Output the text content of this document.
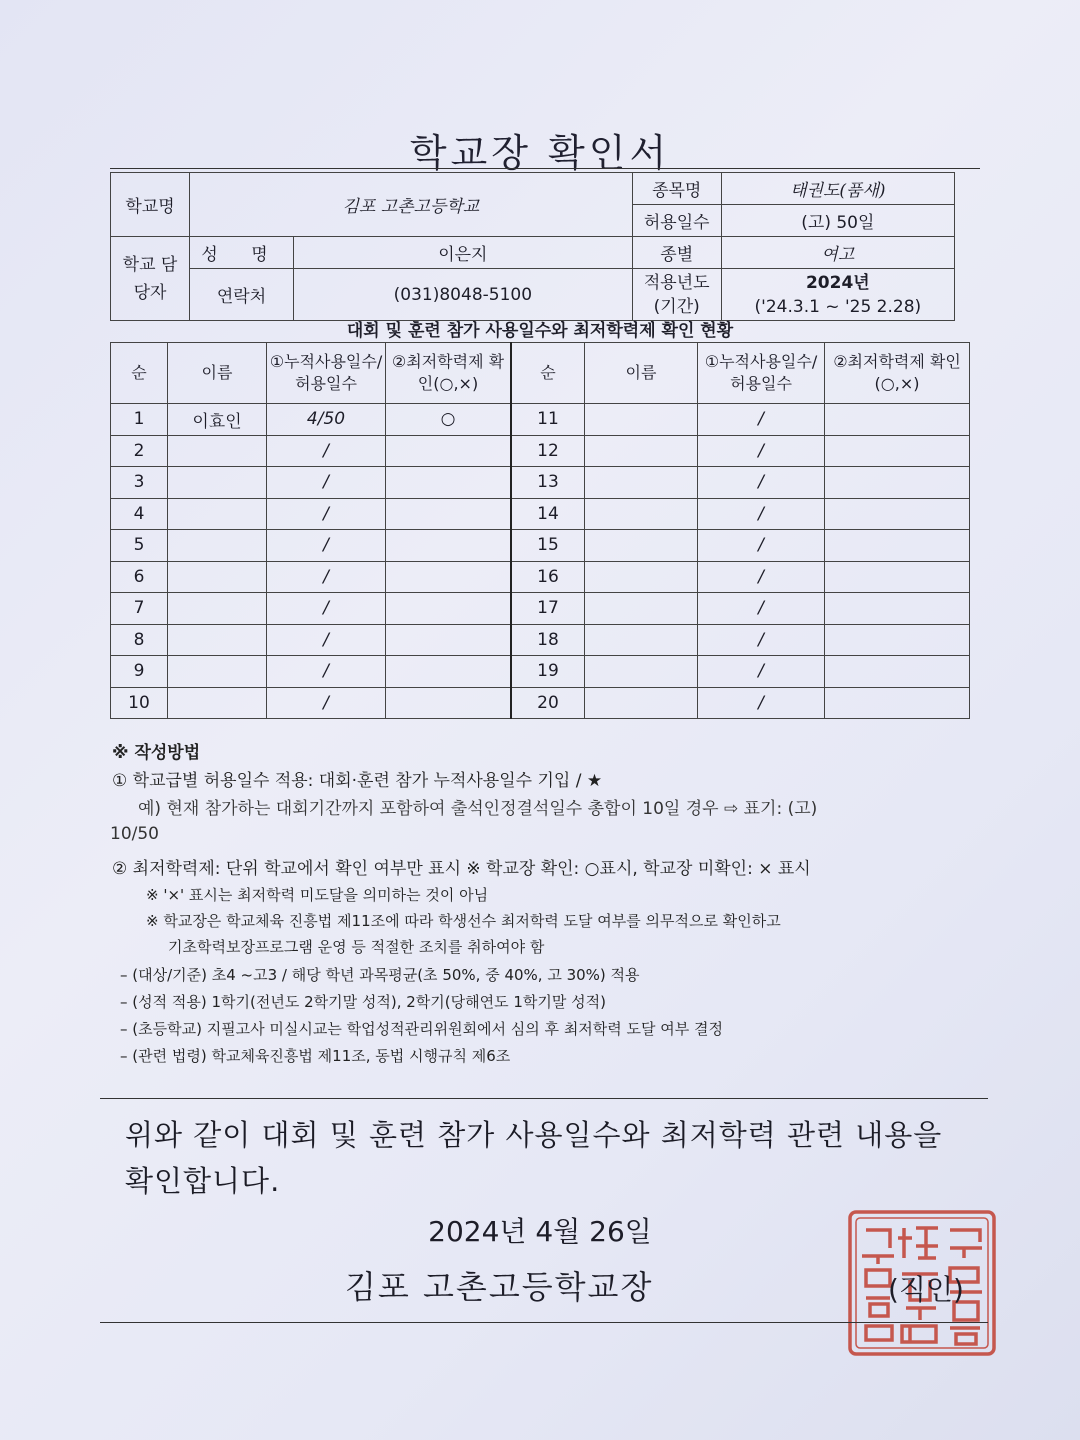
학교장 확인서
학교명	김포 고촌고등학교		종목명	태권도(품새)
			허용일수	(고) 50일
학교 담당자	성 명	이은지	종별	여고
	연락처	(031)8048-5100	적용년도 (기간)	2024년
('24.3.1 ~ '25 2.28)
대회 및 훈련 참가 사용일수와 최저학력제 확인 현황
순	이름	①누적사용일수/허용일수	②최저학력제 확인(○,×)	순	이름	①누적사용일수/허용일수	②최저학력제 확인(○,×)
1	이효인	4/50	○	11		/	
2		/		12		/	
3		/		13		/	
4		/		14		/	
5		/		15		/	
6		/		16		/	
7		/		17		/	
8		/		18		/	
9		/		19		/	
10		/		20		/	
※ 작성방법
① 학교급별 허용일수 적용: 대회·훈련 참가 누적사용일수 기입 / ★
예) 현재 참가하는 대회기간까지 포함하여 출석인정결석일수 총합이 10일 경우 ⇨ 표기: (고)
10/50
② 최저학력제: 단위 학교에서 확인 여부만 표시 ※ 학교장 확인: ○표시, 학교장 미확인: × 표시
※ '×' 표시는 최저학력 미도달을 의미하는 것이 아님
※ 학교장은 학교체육 진흥법 제11조에 따라 학생선수 최저학력 도달 여부를 의무적으로 확인하고
기초학력보장프로그램 운영 등 적절한 조치를 취하여야 함
– (대상/기준) 초4 ~고3 / 해당 학년 과목평균(초 50%, 중 40%, 고 30%) 적용
– (성적 적용) 1학기(전년도 2학기말 성적), 2학기(당해연도 1학기말 성적)
– (초등학교) 지필고사 미실시교는 학업성적관리위원회에서 심의 후 최저학력 도달 여부 결정
– (관련 법령) 학교체육진흥법 제11조, 동법 시행규칙 제6조
위와 같이 대회 및 훈련 참가 사용일수와 최저학력 관련 내용을
확인합니다.
2024년 4월 26일
김포 고촌고등학교장	(직인)
